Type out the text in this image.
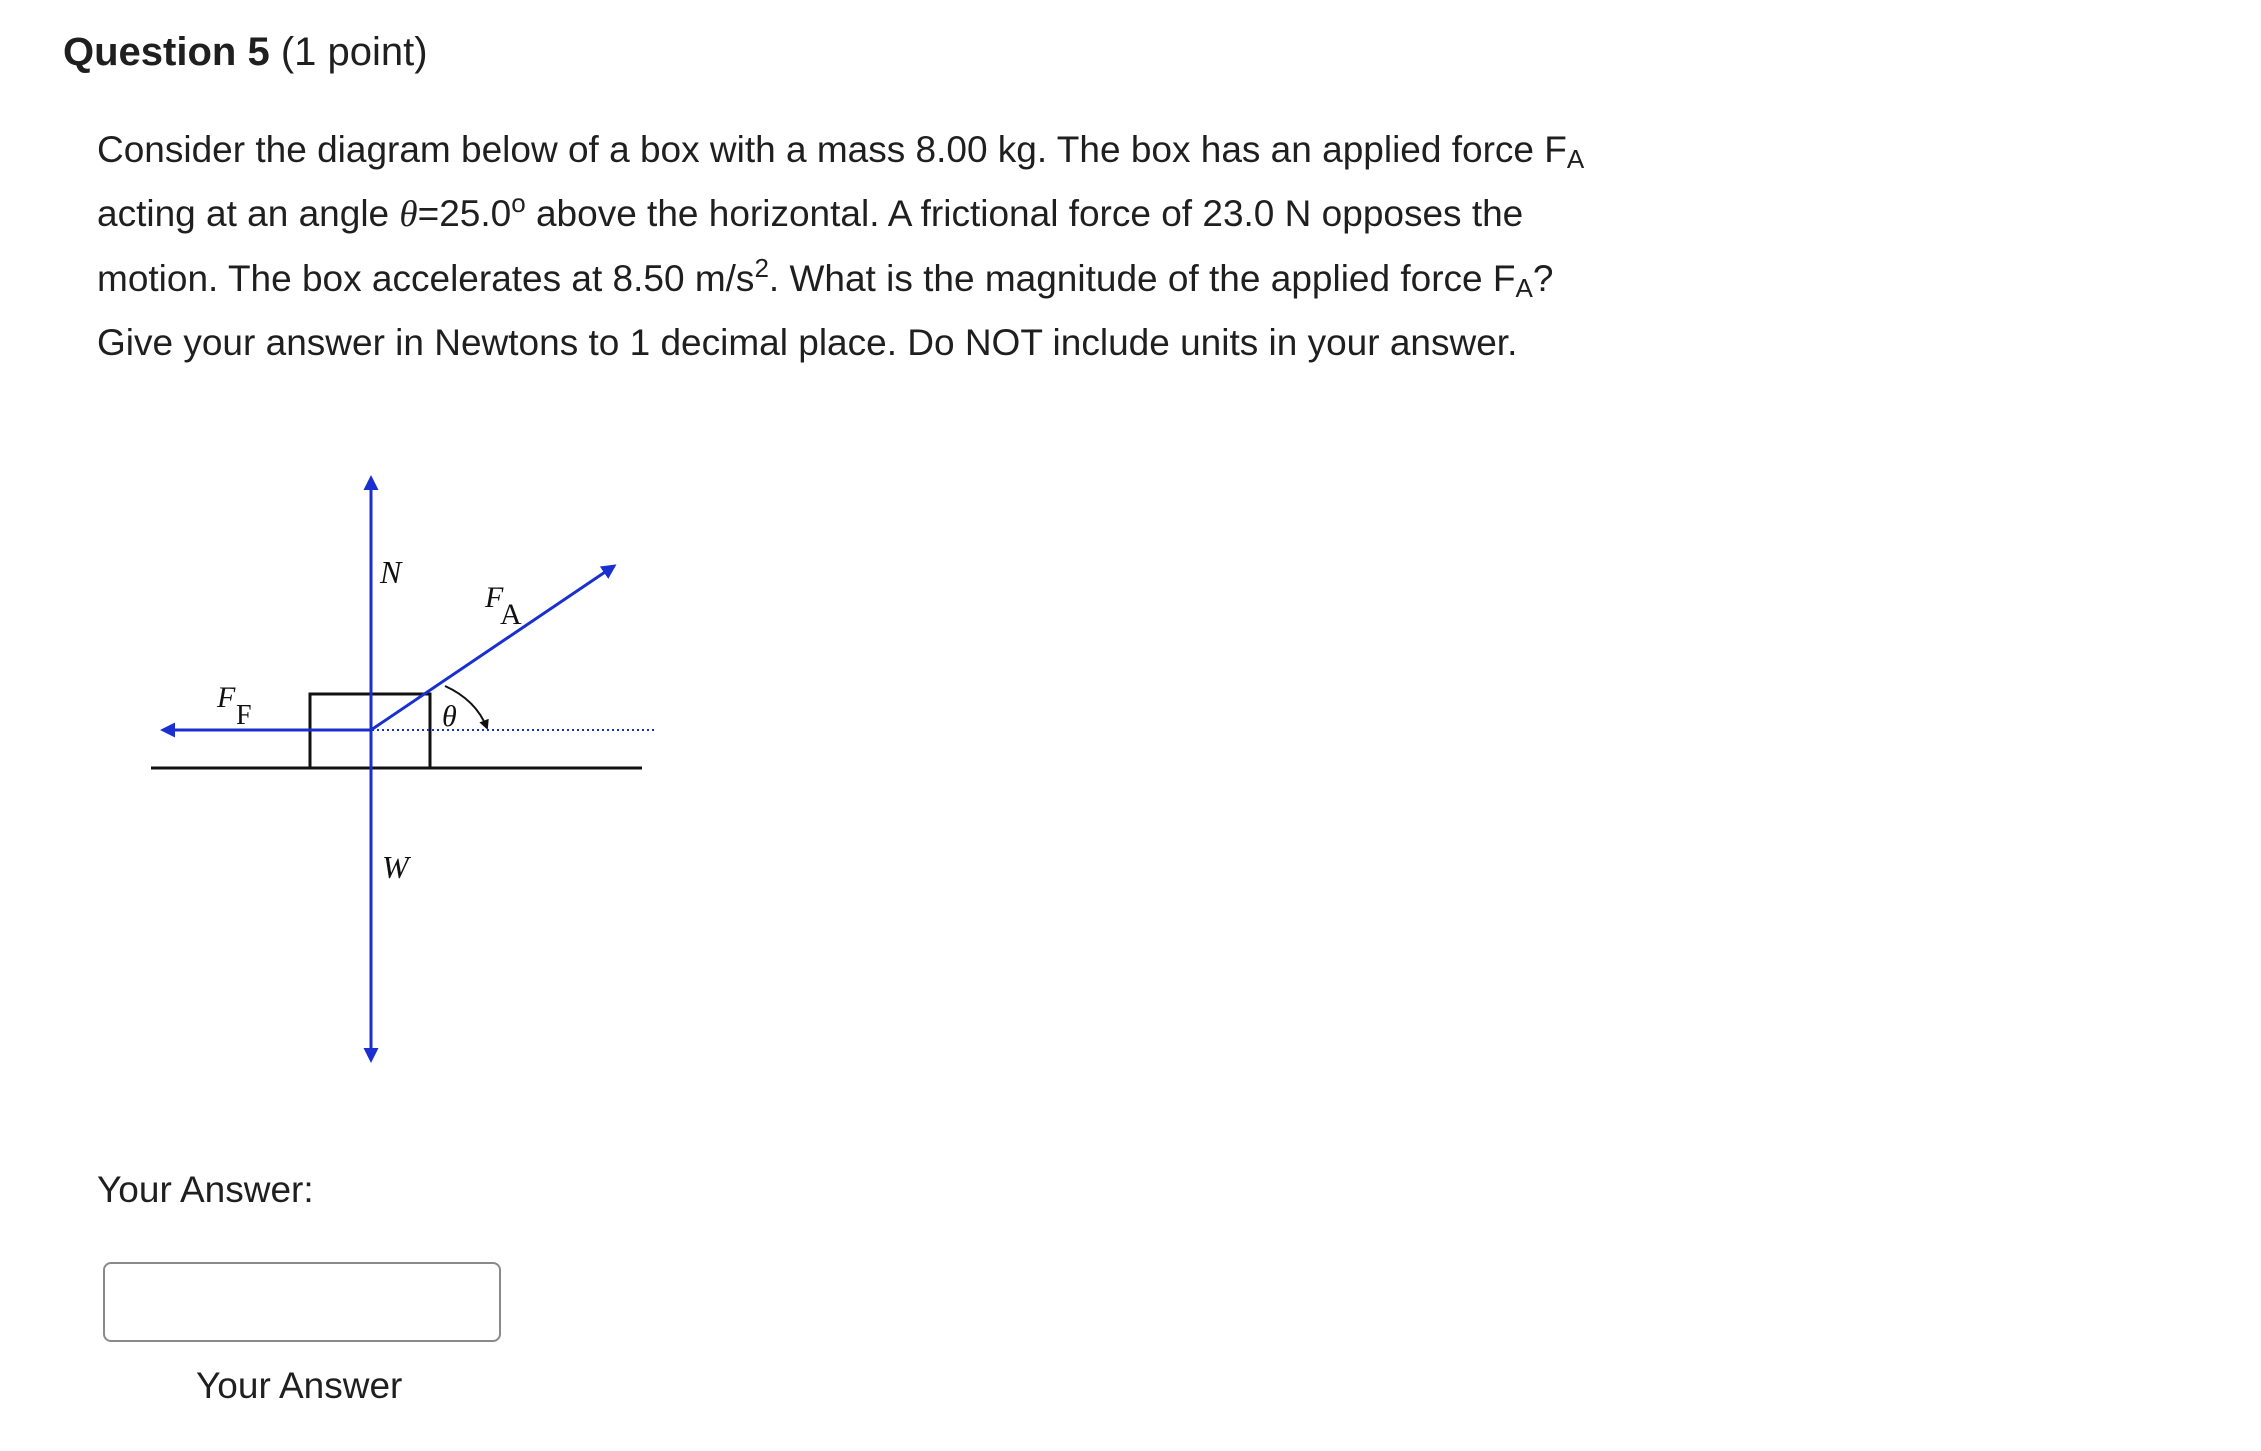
Question 5 (1 point)

Consider the diagram below of a box with a mass 8.00 kg. The box has an applied force $F_A$ acting at an angle $\theta=25.0^o$ above the horizontal. A frictional force of 23.0 N opposes the motion. The box accelerates at 8.50 $m/s^2$. What is the magnitude of the applied force $F_A$? Give your answer in Newtons to 1 decimal place. Do NOT include units in your answer.

N
F
A
F
F	θ
W
Your Answer:
Your Answer
